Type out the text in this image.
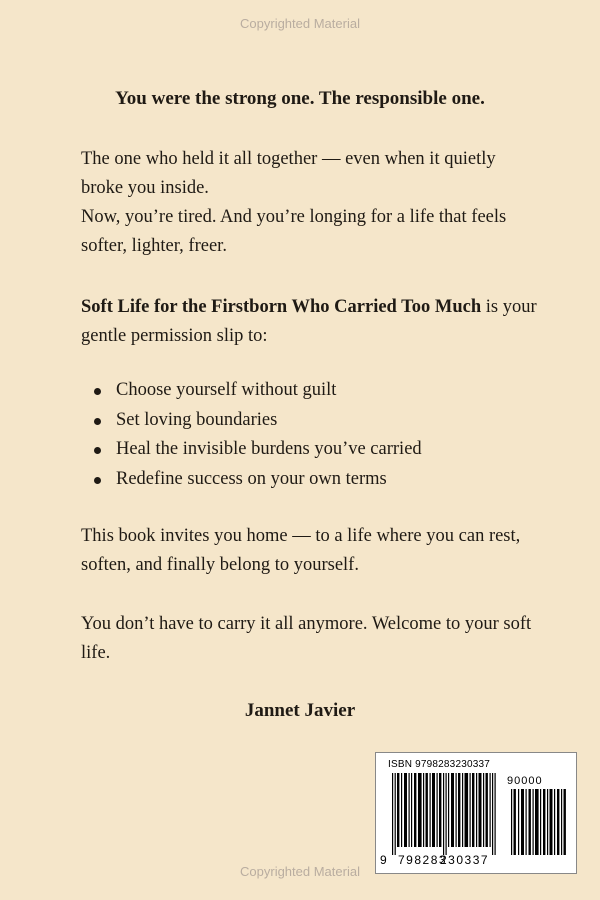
Copyrighted Material
You were the strong one. The responsible one.

The one who held it all together — even when it quietly broke you inside.
Now, you’re tired. And you’re longing for a life that feels softer, lighter, freer.

Soft Life for the Firstborn Who Carried Too Much is your gentle permission slip to:

Choose yourself without guilt
Set loving boundaries
Heal the invisible burdens you’ve carried
Redefine success on your own terms

This book invites you home — to a life where you can rest, soften, and finally belong to yourself.

You don’t have to carry it all anymore. Welcome to your soft life.

Jannet Javier
ISBN 9798283230337
90000
9 798283
230337
Copyrighted Material
